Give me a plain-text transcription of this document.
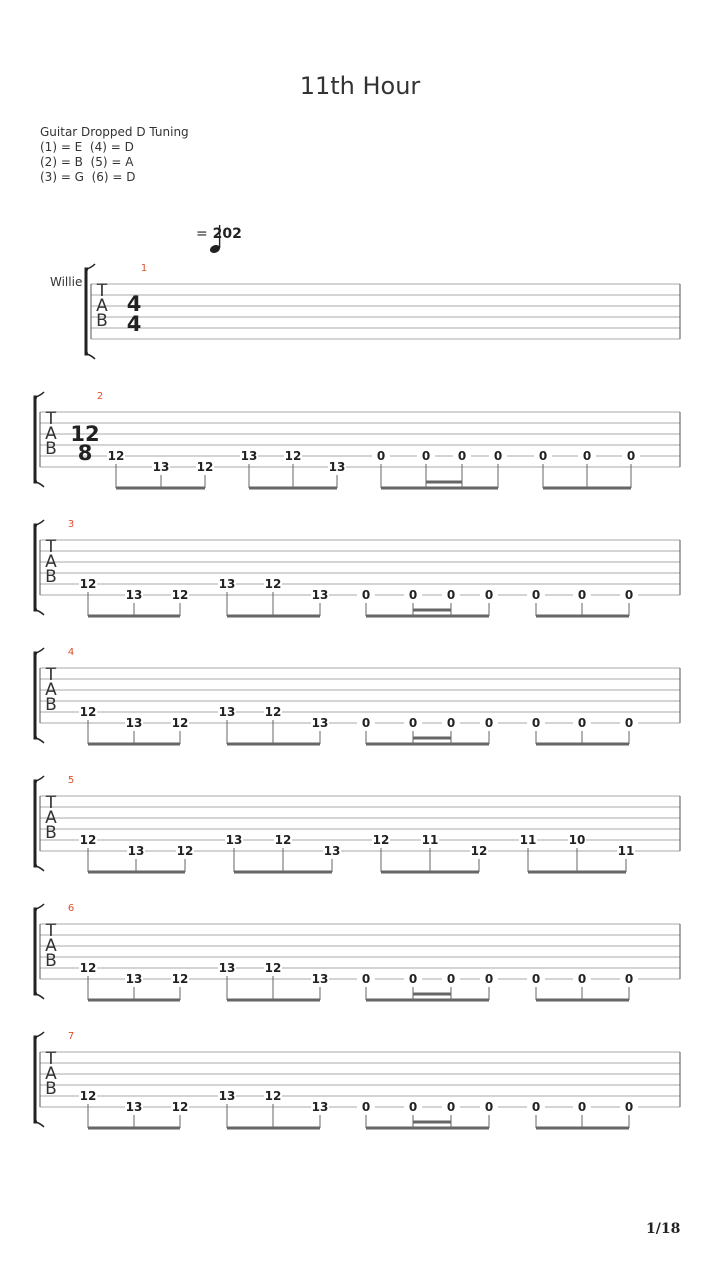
11th Hour
Guitar Dropped D Tuning
(1) = E  (4) = D
(2) = B  (5) = A
(3) = G  (6) = D
= 202
T
A
B
1
Willie
4
4
T
A
B
2
12
8 12
13 12
13 12
13
0	0 0 0	0	0	0
T
A
B
3
12
13 12
13 12
13	0	0 0 0	0	0	0
T
A
B
4
12
13 12
13 12
13	0	0 0 0	0	0	0
T
A
B
5
12
13	12
13	12
13
12	11
12
11	10
11
T
A
B
6
12
13 12
13 12
13	0	0 0 0	0	0	0
T
A
B
7
12
13 12
13 12
13	0	0 0 0	0	0	0
1/18
